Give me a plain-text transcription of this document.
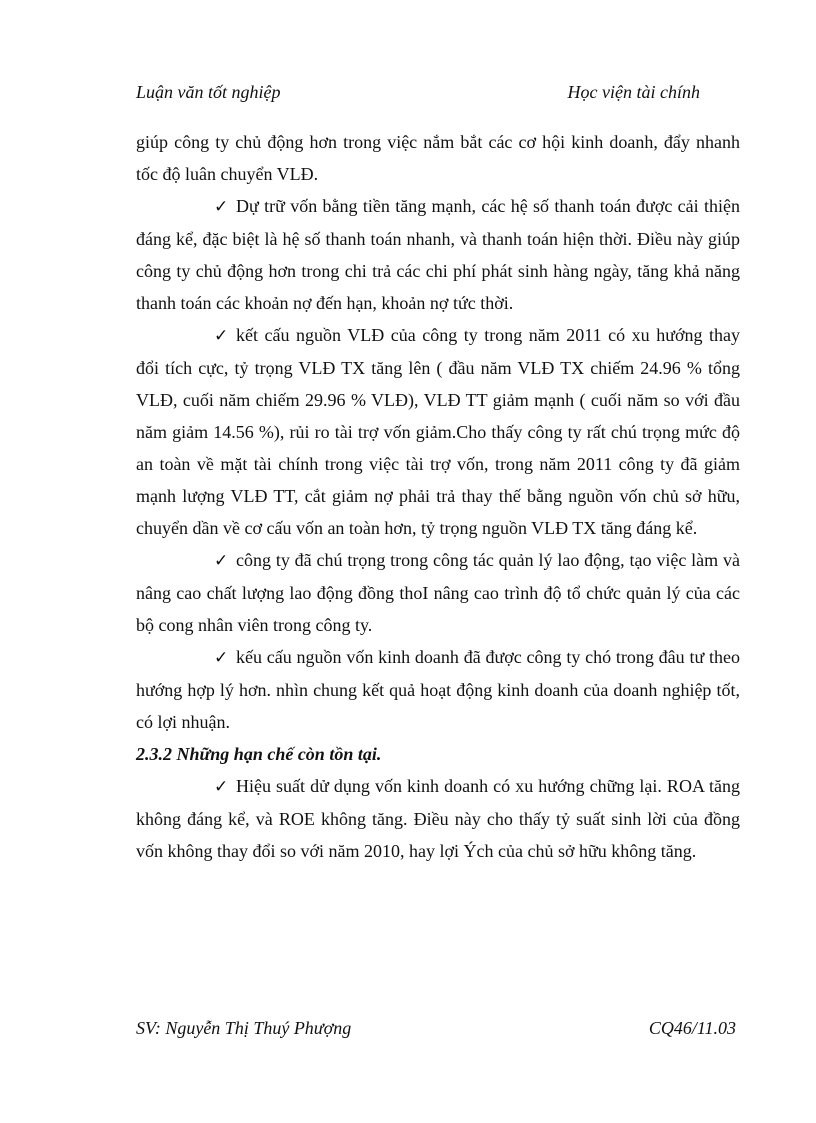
Luận văn tốt nghiệp	Học viện tài chính

giúp công ty chủ động hơn trong việc nắm bắt các cơ hội kinh doanh, đẩy nhanh tốc độ luân chuyển VLĐ.

✓ Dự trữ vốn bằng tiền tăng mạnh, các hệ số thanh toán được cải thiện đáng kể, đặc biệt là hệ số thanh toán nhanh, và thanh toán hiện thời. Điều này giúp công ty chủ động hơn trong chi trả các chi phí phát sinh hàng ngày, tăng khả năng thanh toán các khoản nợ đến hạn, khoản nợ tức thời.

✓ kết cấu nguồn VLĐ của công ty trong năm 2011 có xu hướng thay đổi tích cực, tỷ trọng VLĐ TX tăng lên ( đầu năm VLĐ TX chiếm 24.96 % tổng VLĐ, cuối năm chiếm 29.96 % VLĐ), VLĐ TT giảm mạnh ( cuối năm so với đầu năm giảm 14.56 %), rủi ro tài trợ vốn giảm.Cho thấy công ty rất chú trọng mức độ an toàn về mặt tài chính trong việc tài trợ vốn, trong năm 2011 công ty đã giảm mạnh lượng VLĐ TT, cắt giảm nợ phải trả thay thế bằng nguồn vốn chủ sở hữu, chuyển dần về cơ cấu vốn an toàn hơn, tỷ trọng nguồn VLĐ TX tăng đáng kể.

✓ công ty đã chú trọng trong công tác quản lý lao động, tạo việc làm và nâng cao chất lượng lao động đồng thoI nâng cao trình độ tổ chức quản lý của các bộ cong nhân viên trong công ty.

✓ kếu cấu nguồn vốn kinh doanh đã được công ty chó trong đâu tư theo hướng hợp lý hơn. nhìn chung kết quả hoạt động kinh doanh của doanh nghiệp tốt, có lợi nhuận.

2.3.2 Những hạn chế còn tồn tại.

✓ Hiệu suất dử dụng vốn kinh doanh có xu hướng chững lại. ROA tăng không đáng kể, và ROE không tăng. Điều này cho thấy tỷ suất sinh lời của đồng vốn không thay đổi so với năm 2010, hay lợi Ých của chủ sở hữu không tăng.

SV: Nguyễn Thị Thuý Phượng	CQ46/11.03
